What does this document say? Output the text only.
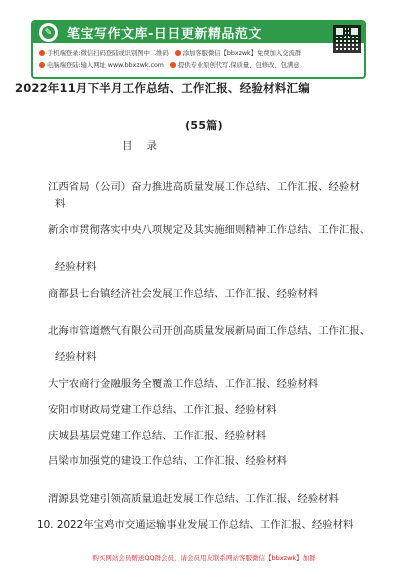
✎ 笔宝写作文库-日日更新精品范文
手机端登录:微信扫码登陆或识别图中二维码 添加客服微信【bbxzwk】免费加入交流群
电脑端登陆:输入网址 www.bbxzwk.com 提供专业原创代写,保质量、包修改、包满意
2022年11月下半月工作总结、工作汇报、经验材料汇编
(55篇)
目录
江西省局（公司）奋力推进高质量发展工作总结、工作汇报、经验材
料
新余市贯彻落实中央八项规定及其实施细则精神工作总结、工作汇报、
经验材料
商都县七台镇经济社会发展工作总结、工作汇报、经验材料
北海市管道燃气有限公司开创高质量发展新局面工作总结、工作汇报、
经验材料
大宁农商行金融服务全覆盖工作总结、工作汇报、经验材料
安阳市财政局党建工作总结、工作汇报、经验材料
庆城县基层党建工作总结、工作汇报、经验材料
吕梁市加强党的建设工作总结、工作汇报、经验材料
渭源县党建引领高质量追赶发展工作总结、工作汇报、经验材料
10. 2022年宝鸡市交通运输事业发展工作总结、工作汇报、经验材料
购买网站会员赠送QQ群会员，请会员用友联系网站客服微信【bbxzwk】加群
